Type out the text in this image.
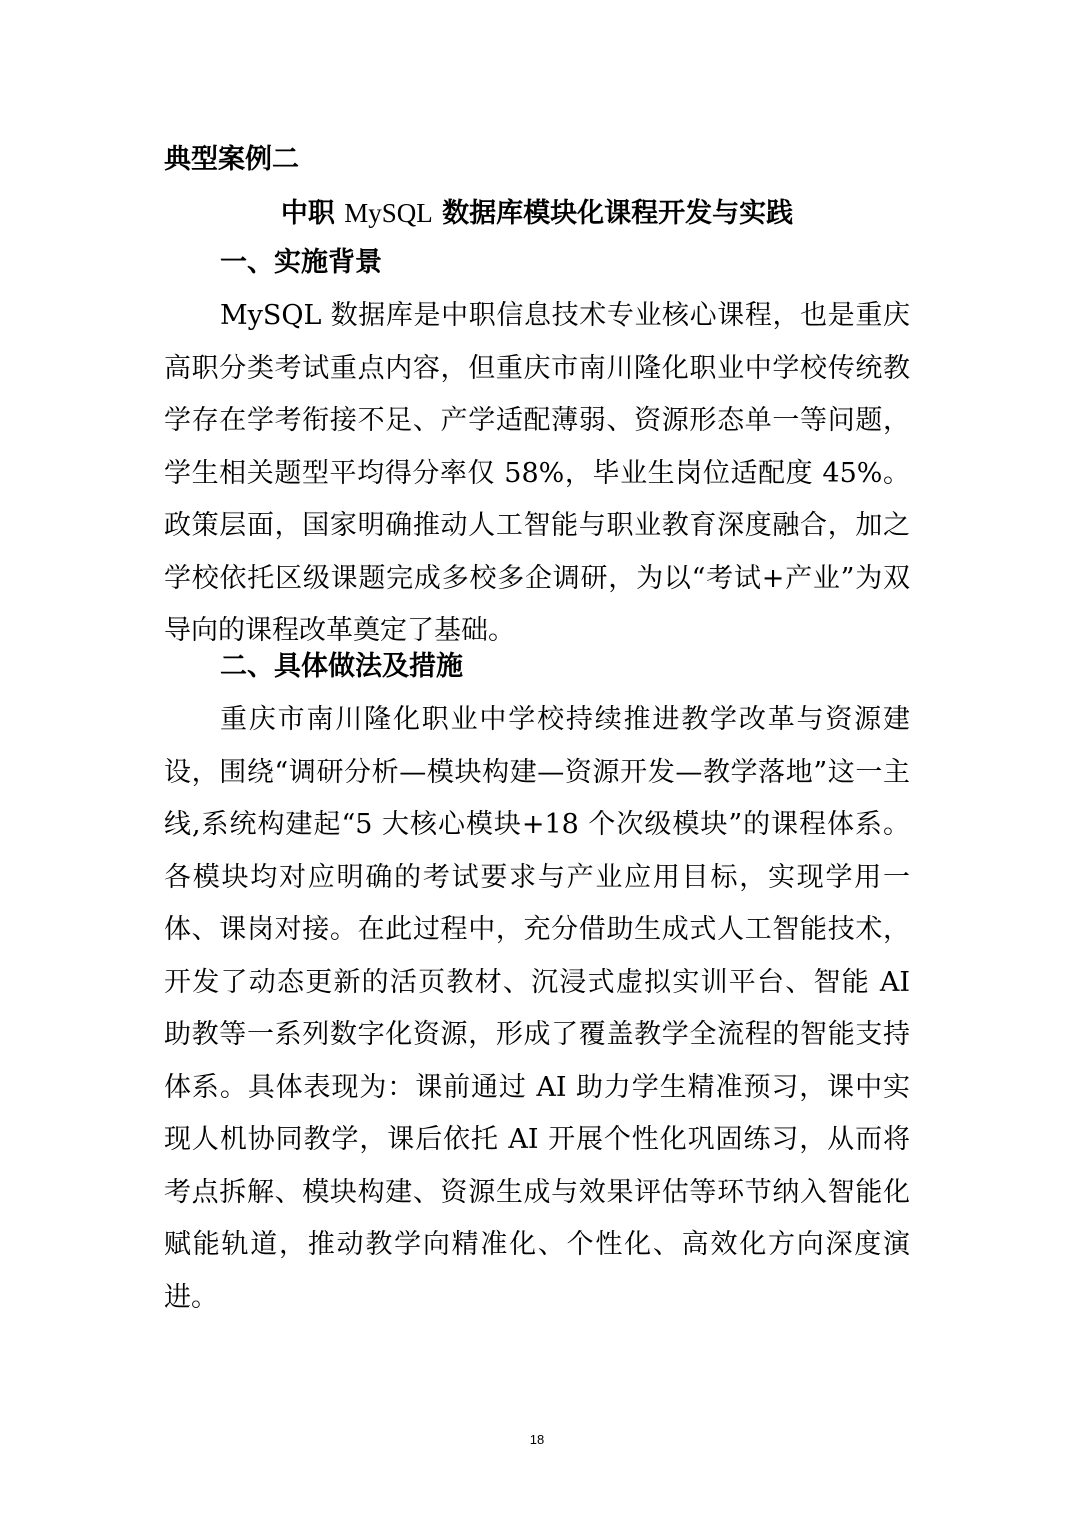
典型案例二
中职 MySQL 数据库模块化课程开发与实践
一、实施背景

MySQL 数据库是中职信息技术专业核心课程，也是重庆高职分类考试重点内容，但重庆市南川隆化职业中学校传统教学存在学考衔接不足、产学适配薄弱、资源形态单一等问题，学生相关题型平均得分率仅 58%，毕业生岗位适配度 45%。政策层面，国家明确推动人工智能与职业教育深度融合，加之学校依托区级课题完成多校多企调研，为以“考试+产业”为双导向的课程改革奠定了基础。

二、具体做法及措施

重庆市南川隆化职业中学校持续推进教学改革与资源建设，围绕“调研分析—模块构建—资源开发—教学落地”这一主线,系统构建起“5 大核心模块+18 个次级模块”的课程体系。各模块均对应明确的考试要求与产业应用目标，实现学用一体、课岗对接。在此过程中，充分借助生成式人工智能技术，开发了动态更新的活页教材、沉浸式虚拟实训平台、智能 AI 助教等一系列数字化资源，形成了覆盖教学全流程的智能支持体系。具体表现为：课前通过 AI 助力学生精准预习，课中实现人机协同教学，课后依托 AI 开展个性化巩固练习，从而将考点拆解、模块构建、资源生成与效果评估等环节纳入智能化赋能轨道，推动教学向精准化、个性化、高效化方向深度演进。

18
